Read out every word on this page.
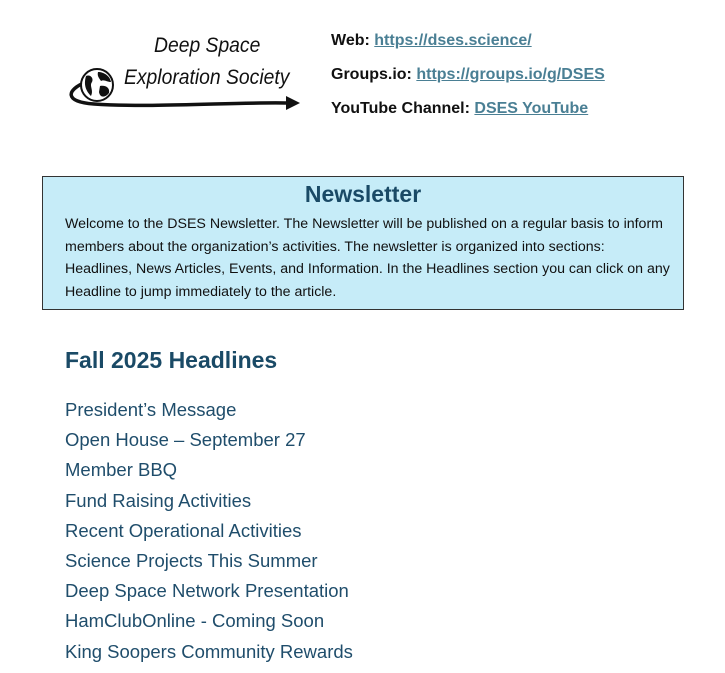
Deep Space
Exploration Society
Web: https://dses.science/
Groups.io: https://groups.io/g/DSES
YouTube Channel: DSES YouTube
Newsletter
Welcome to the DSES Newsletter. The Newsletter will be published on a regular basis to inform members about the organization’s activities. The newsletter is organized into sections: Headlines, News Articles, Events, and Information. In the Headlines section you can click on any Headline to jump immediately to the article.
Fall 2025 Headlines
President’s Message
Open House – September 27
Member BBQ
Fund Raising Activities
Recent Operational Activities
Science Projects This Summer
Deep Space Network Presentation
HamClubOnline - Coming Soon
King Soopers Community Rewards
